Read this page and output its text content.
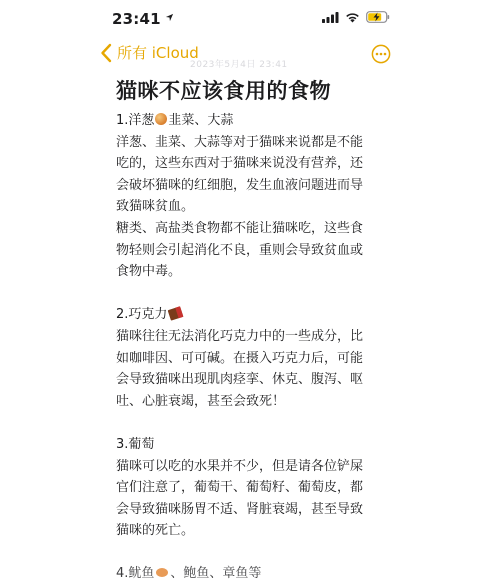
23:41
所有 iCloud
2023年5月4日 23:41
猫咪不应该食用的食物
1.洋葱 韭菜、大蒜
洋葱、韭菜、大蒜等对于猫咪来说都是不能
吃的，这些东西对于猫咪来说没有营养，还
会破坏猫咪的红细胞，发生血液问题进而导
致猫咪贫血。
糖类、高盐类食物都不能让猫咪吃，这些食
物轻则会引起消化不良，重则会导致贫血或
食物中毒。
2.巧克力
猫咪往往无法消化巧克力中的一些成分，比
如咖啡因、可可碱。在摄入巧克力后，可能
会导致猫咪出现肌肉痉挛、休克、腹泻、呕
吐、心脏衰竭，甚至会致死！
3.葡萄
猫咪可以吃的水果并不少，但是请各位铲屎
官们注意了，葡萄干、葡萄籽、葡萄皮，都
会导致猫咪肠胃不适、肾脏衰竭，甚至导致
猫咪的死亡。
4.鱿鱼 、鲍鱼、章鱼等
